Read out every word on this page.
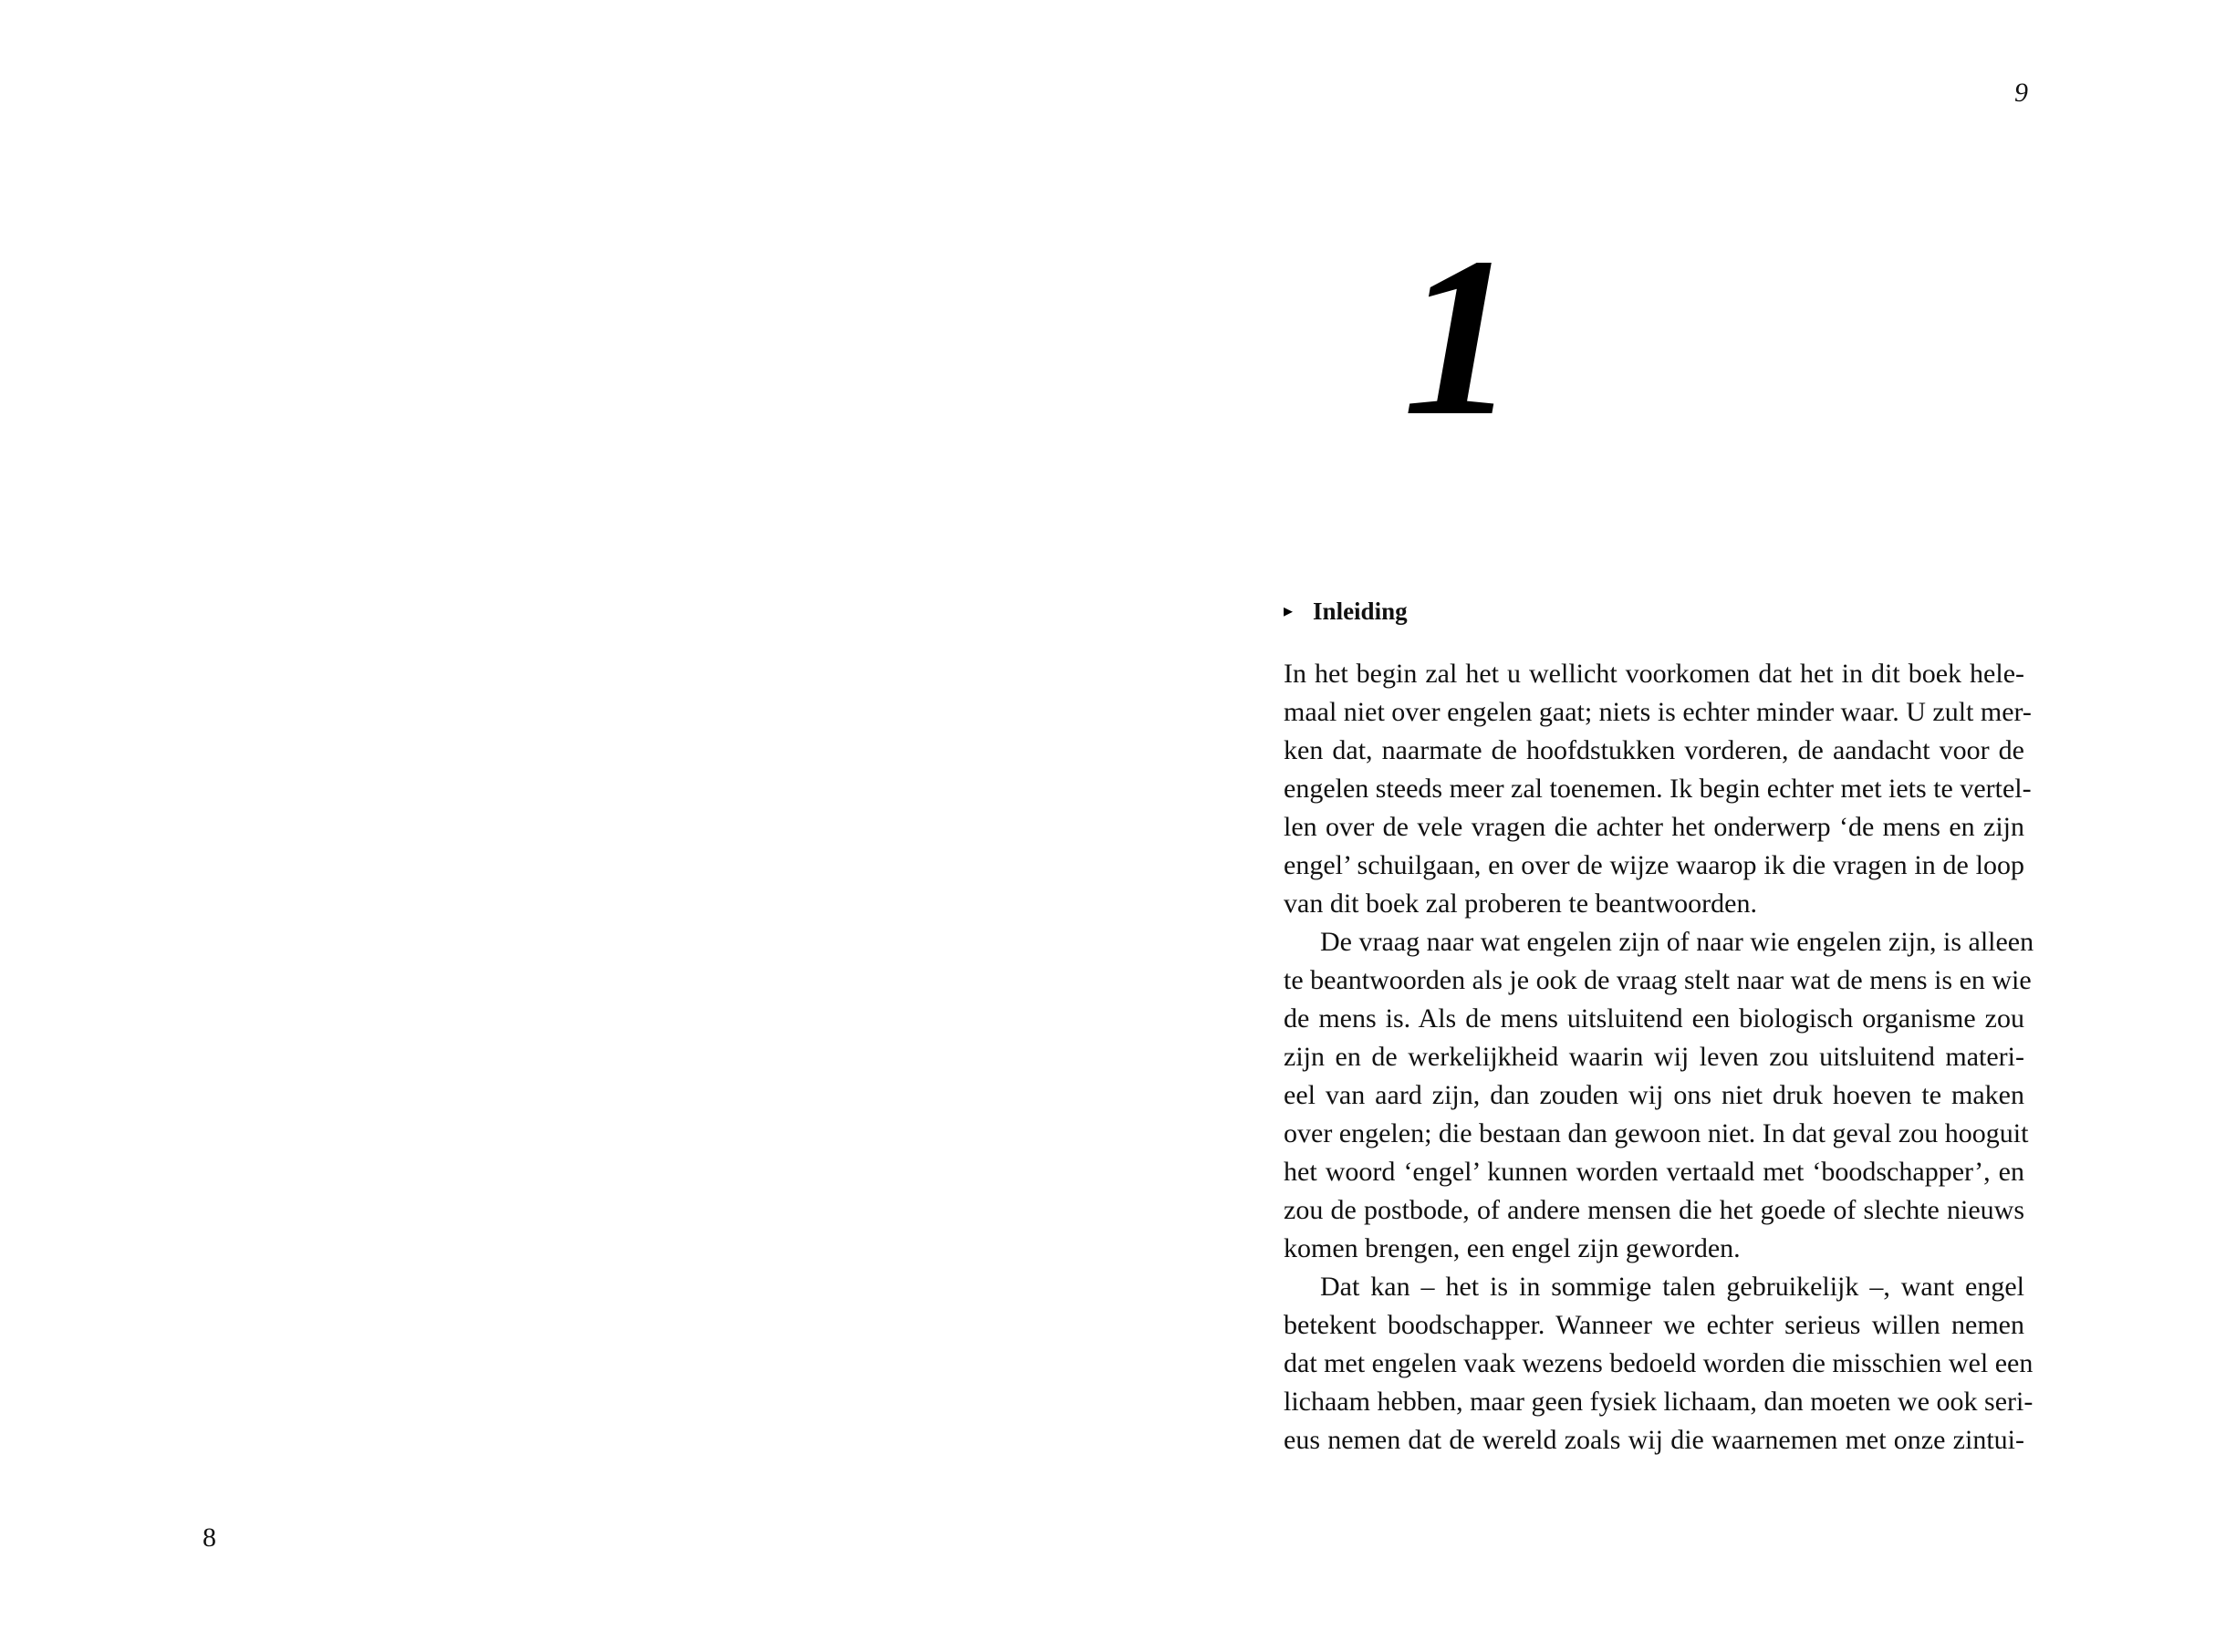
8
9
1
▸ Inleiding
In het begin zal het u wellicht voorkomen dat het in dit boek hele-
maal niet over engelen gaat; niets is echter minder waar. U zult mer-
ken dat, naarmate de hoofdstukken vorderen, de aandacht voor de
engelen steeds meer zal toenemen. Ik begin echter met iets te vertel-
len over de vele vragen die achter het onderwerp ‘de mens en zijn
engel’ schuilgaan, en over de wijze waarop ik die vragen in de loop
van dit boek zal proberen te beantwoorden.
De vraag naar wat engelen zijn of naar wie engelen zijn, is alleen
te beantwoorden als je ook de vraag stelt naar wat de mens is en wie
de mens is. Als de mens uitsluitend een biologisch organisme zou
zijn en de werkelijkheid waarin wij leven zou uitsluitend materi-
eel van aard zijn, dan zouden wij ons niet druk hoeven te maken
over engelen; die bestaan dan gewoon niet. In dat geval zou hooguit
het woord ‘engel’ kunnen worden vertaald met ‘boodschapper’, en
zou de postbode, of andere mensen die het goede of slechte nieuws
komen brengen, een engel zijn geworden.
Dat kan – het is in sommige talen gebruikelijk –, want engel
betekent boodschapper. Wanneer we echter serieus willen nemen
dat met engelen vaak wezens bedoeld worden die misschien wel een
lichaam hebben, maar geen fysiek lichaam, dan moeten we ook seri-
eus nemen dat de wereld zoals wij die waarnemen met onze zintui-
